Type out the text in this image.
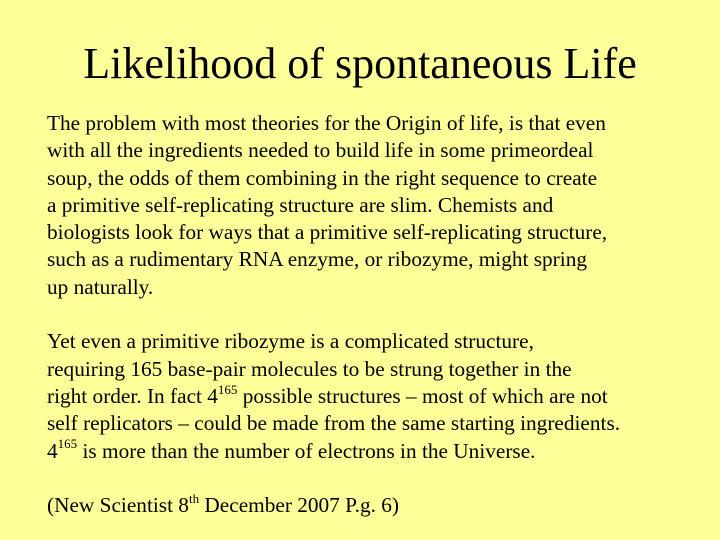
Likelihood of spontaneous Life
The problem with most theories for the Origin of life, is that even
with all the ingredients needed to build life in some primeordeal
soup, the odds of them combining in the right sequence to create
a primitive self-replicating structure are slim. Chemists and
biologists look for ways that a primitive self-replicating structure,
such as a rudimentary RNA enzyme, or ribozyme, might spring
up naturally.
Yet even a primitive ribozyme is a complicated structure,
requiring 165 base-pair molecules to be strung together in the
right order. In fact $4^{165}$ possible structures – most of which are not
self replicators – could be made from the same starting ingredients.
$4^{165}$ is more than the number of electrons in the Universe.
(New Scientist 8th December 2007 P.g. 6)
